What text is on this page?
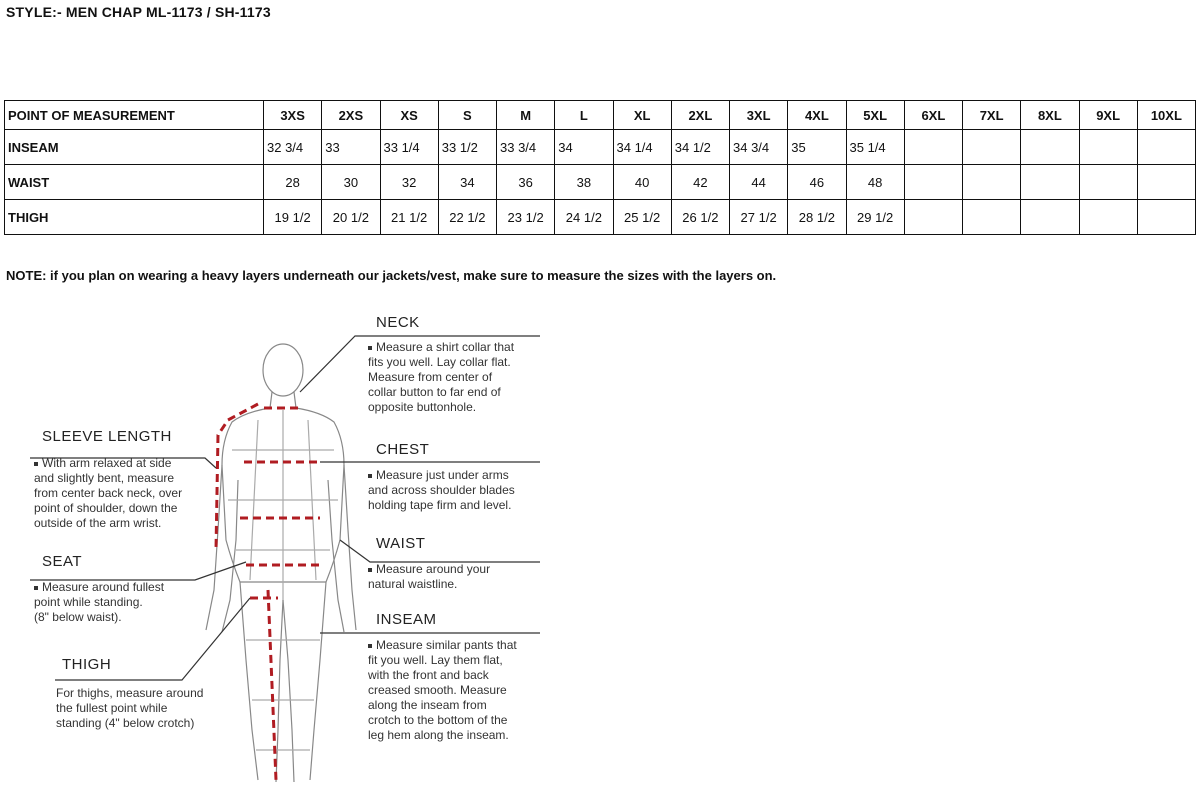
STYLE:- MEN CHAP ML-1173 / SH-1173
POINT OF MEASUREMENT	3XS	2XS	XS	S	M	L	XL	2XL	3XL	4XL	5XL	6XL	7XL	8XL	9XL	10XL
INSEAM	32 3/4	33	33 1/4	33 1/2	33 3/4	34	34 1/4	34 1/2	34 3/4	35	35 1/4					
WAIST	28	30	32	34	36	38	40	42	44	46	48					
THIGH	19 1/2	20 1/2	21 1/2	22 1/2	23 1/2	24 1/2	25 1/2	26 1/2	27 1/2	28 1/2	29 1/2					
NOTE: if you plan on wearing a heavy layers underneath our jackets/vest, make sure to measure the sizes with the layers on.
NECK
Measure a shirt collar that
fits you well. Lay collar flat.
Measure from center of
collar button to far end of
opposite buttonhole.
CHEST
Measure just under arms
and across shoulder blades
holding tape firm and level.
WAIST
Measure around your
natural waistline.
INSEAM
Measure similar pants that
fit you well. Lay them flat,
with the front and back
creased smooth. Measure
along the inseam from
crotch to the bottom of the
leg hem along the inseam.
SLEEVE LENGTH
With arm relaxed at side
and slightly bent, measure
from center back neck, over
point of shoulder, down the
outside of the arm wrist.
SEAT
Measure around fullest
point while standing.
(8" below waist).
THIGH
For thighs, measure around
the fullest point while
standing (4" below crotch)
